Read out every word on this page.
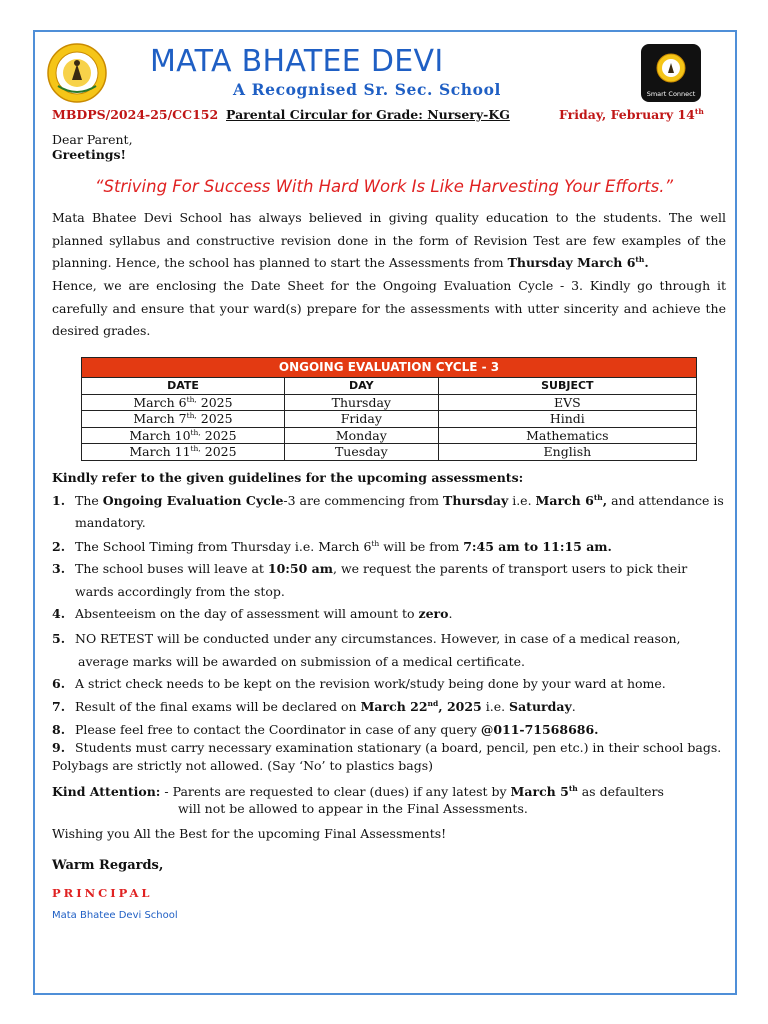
MATA BHATEE DEVI
A Recognised Sr. Sec. School	Smart Connect
MBDPS/2024-25/CC152 Parental Circular for Grade: Nursery-KG	Friday, February 14th
Dear Parent,
Greetings!
“Striving For Success With Hard Work Is Like Harvesting Your Efforts.”
Mata Bhatee Devi School has always believed in giving quality education to the students. The well planned syllabus and constructive revision done in the form of Revision Test are few examples of the planning. Hence, the school has planned to start the Assessments from Thursday March 6th.
Hence, we are enclosing the Date Sheet for the Ongoing Evaluation Cycle - 3. Kindly go through it carefully and ensure that your ward(s) prepare for the assessments with utter sincerity and achieve the desired grades.
ONGOING EVALUATION CYCLE - 3		
DATE	DAY	SUBJECT
March $6^{th,}$ 2025	Thursday	EVS
March $7^{th,}$ 2025	Friday	Hindi
March $10^{th,}$ 2025	Monday	Mathematics
March $11^{th,}$ 2025	Tuesday	English
Kindly refer to the given guidelines for the upcoming assessments:
1. The Ongoing Evaluation Cycle-3 are commencing from Thursday i.e. March 6th, and attendance is mandatory.
2. The School Timing from Thursday i.e. March 6th will be from 7:45 am to 11:15 am.
3. The school buses will leave at 10:50 am, we request the parents of transport users to pick their wards accordingly from the stop.
4. Absenteeism on the day of assessment will amount to zero.
5. NO RETEST will be conducted under any circumstances. However, in case of a medical reason,
average marks will be awarded on submission of a medical certificate.
6. A strict check needs to be kept on the revision work/study being done by your ward at home.
7. Result of the final exams will be declared on March 22nd, 2025 i.e. Saturday.
8. Please feel free to contact the Coordinator in case of any query @011-71568686.
9. Students must carry necessary examination stationary (a board, pencil, pen etc.) in their school bags. Polybags are strictly not allowed. (Say ‘No’ to plastics bags)
Kind Attention: - Parents are requested to clear (dues) if any latest by March 5th as defaulters
will not be allowed to appear in the Final Assessments.
Wishing you All the Best for the upcoming Final Assessments!
Warm Regards,
PRINCIPAL
Mata Bhatee Devi School
